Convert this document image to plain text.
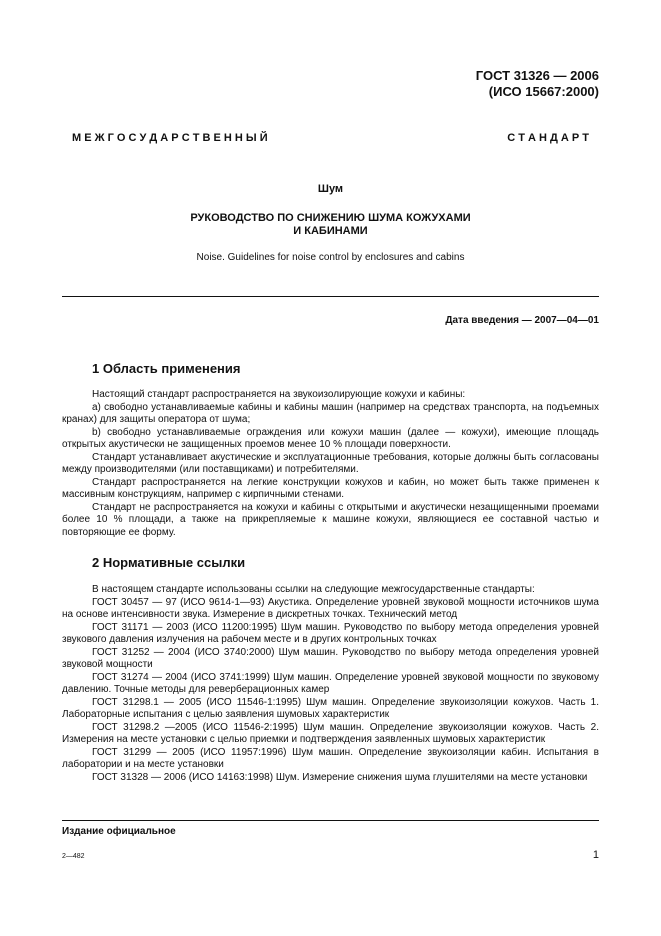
ГОСТ 31326 — 2006
(ИСО 15667:2000)
М Е Ж Г О С У Д А Р С Т В Е Н Н Ы Й	С Т А Н Д А Р Т
Шум
РУКОВОДСТВО ПО СНИЖЕНИЮ ШУМА КОЖУХАМИ
И КАБИНАМИ
Noise. Guidelines for noise control by enclosures and cabins
Дата введения — 2007—04—01
1 Область применения

Настоящий стандарт распространяется на звукоизолирующие кожухи и кабины:

a) свободно устанавливаемые кабины и кабины машин (например на средствах транспорта, на подъемных кранах) для защиты оператора от шума;

b) свободно устанавливаемые ограждения или кожухи машин (далее — кожухи), имеющие площадь открытых акустически не защищенных проемов менее 10 % площади поверхности.

Стандарт устанавливает акустические и эксплуатационные требования, которые должны быть согласованы между производителями (или поставщиками) и потребителями.

Стандарт распространяется на легкие конструкции кожухов и кабин, но может быть также применен к массивным конструкциям, например с кирпичными стенами.

Стандарт не распространяется на кожухи и кабины с открытыми и акустически незащищенными проемами более 10 % площади, а также на прикрепляемые к машине кожухи, являющиеся ее составной частью и повторяющие ее форму.

2 Нормативные ссылки

В настоящем стандарте использованы ссылки на следующие межгосударственные стандарты:

ГОСТ 30457 — 97 (ИСО 9614-1—93) Акустика. Определение уровней звуковой мощности источников шума на основе интенсивности звука. Измерение в дискретных точках. Технический метод

ГОСТ 31171 — 2003 (ИСО 11200:1995) Шум машин. Руководство по выбору метода определения уровней звукового давления излучения на рабочем месте и в других контрольных точках

ГОСТ 31252 — 2004 (ИСО 3740:2000) Шум машин. Руководство по выбору метода определения уровней звуковой мощности

ГОСТ 31274 — 2004 (ИСО 3741:1999) Шум машин. Определение уровней звуковой мощности по звуковому давлению. Точные методы для реверберационных камер

ГОСТ 31298.1 — 2005 (ИСО 11546-1:1995) Шум машин. Определение звукоизоляции кожухов. Часть 1. Лабораторные испытания с целью заявления шумовых характеристик

ГОСТ 31298.2 —2005 (ИСО 11546-2:1995) Шум машин. Определение звукоизоляции кожухов. Часть 2. Измерения на месте установки с целью приемки и подтверждения заявленных шумовых характеристик

ГОСТ 31299 — 2005 (ИСО 11957:1996) Шум машин. Определение звукоизоляции кабин. Испытания в лаборатории и на месте установки

ГОСТ 31328 — 2006 (ИСО 14163:1998) Шум. Измерение снижения шума глушителями на месте установки

Издание официальное
2—482	1
